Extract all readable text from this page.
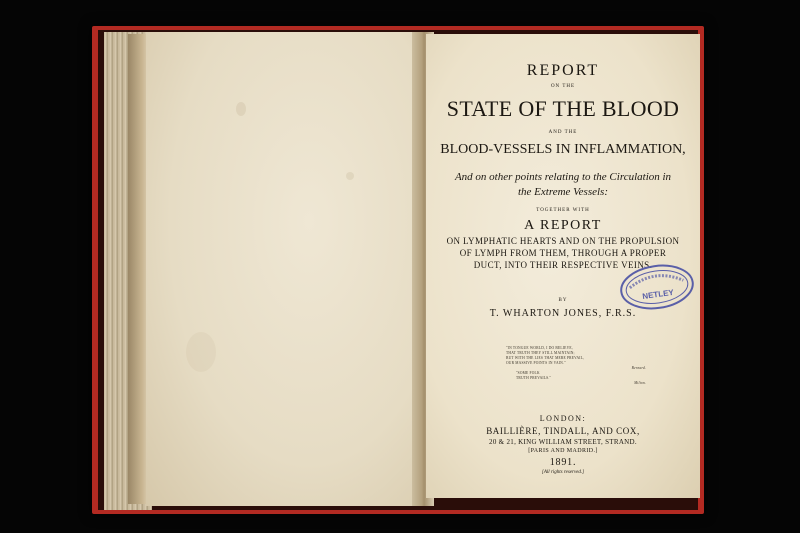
REPORT
ON THE
STATE OF THE BLOOD
AND THE
BLOOD-VESSELS IN INFLAMMATION,
And on other points relating to the Circulation in
the Extreme Vessels:
TOGETHER WITH
A REPORT
ON LYMPHATIC HEARTS AND ON THE PROPULSION
OF LYMPH FROM THEM, THROUGH A PROPER
DUCT, INTO THEIR RESPECTIVE VEINS.
BY
T. WHARTON JONES, F.R.S.
"IN TONGUE WORLD, I DO BELIEVE,
THAT TRUTH THEY STILL MAINTAIN;
BUT WITH THE LIES THAT MERE PREVAIL,
OUR MASSIVE POINTS IN VAIN."
Bernard.
"SOME FOLK
TRUTH PREVAILS."
Milton.
LONDON:
BAILLIÈRE, TINDALL, AND COX,
20 & 21, KING WILLIAM STREET, STRAND.
[PARIS AND MADRID.]
1891.
[All rights reserved.]
NETLEY
